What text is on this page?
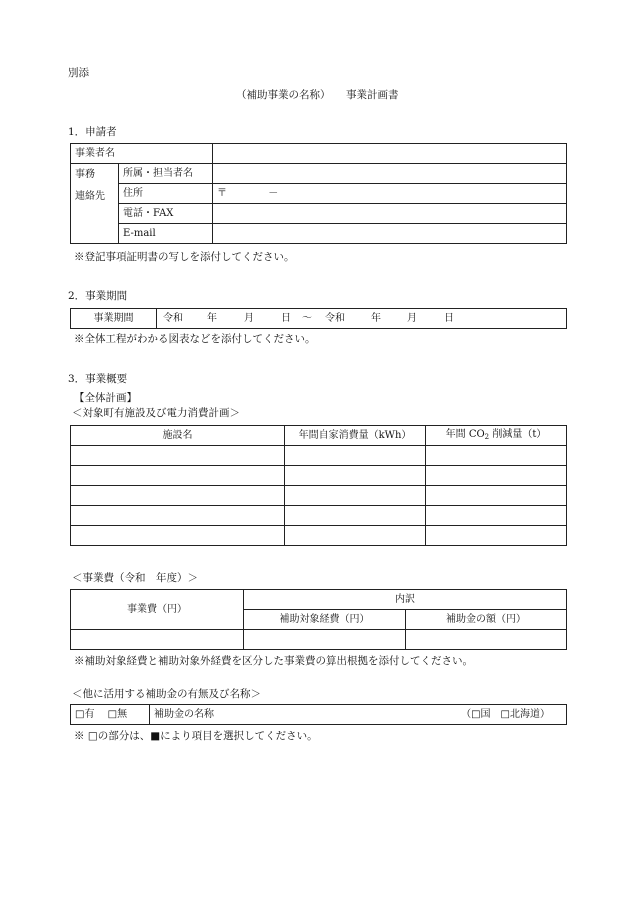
別添
（補助事業の名称） 事業計画書
1．申請者
事業者名		

事務
連絡先	所属・担当者名	
	住所	〒 －
	電話・FAX	
	E-mail	
※登記事項証明書の写しを添付してください。
2．事業期間
事業期間	令和 年	月	日 ～ 令和	年	月	日
※全体工程がわかる図表などを添付してください。
3．事業概要
【全体計画】
＜対象町有施設及び電力消費計画＞
施設名	年間自家消費量（kWh）	年間 $CO_2$ 削減量（t）

＜事業費（令和　年度）＞
事業費（円）	内訳	
	補助対象経費（円）	補助金の額（円）

※補助対象経費と補助対象外経費を区分した事業費の算出根拠を添付してください。
＜他に活用する補助金の有無及び名称＞
□有 □無	補助金の名称	（□国　□北海道）
※ □の部分は、■により項目を選択してください。
